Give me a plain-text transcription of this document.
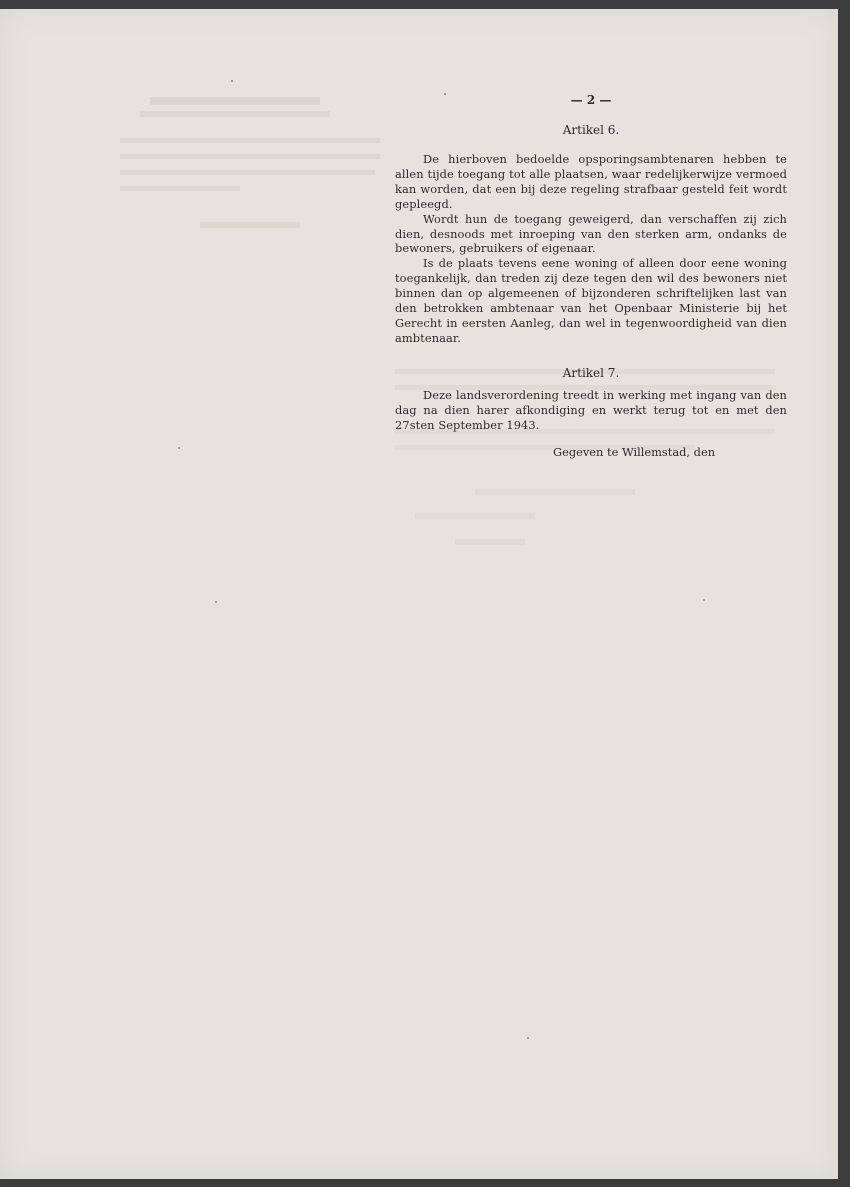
— 2 —
Artikel 6.

De hierboven bedoelde opsporingsambtenaren hebben te allen tijde toegang tot alle plaatsen, waar redelijkerwijze vermoed kan worden, dat een bij deze regeling strafbaar gesteld feit wordt gepleegd.

Wordt hun de toegang geweigerd, dan verschaffen zij zich dien, desnoods met inroeping van den sterken arm, ondanks de bewoners, gebruikers of eigenaar.

Is de plaats tevens eene woning of alleen door eene woning toegankelijk, dan treden zij deze tegen den wil des bewoners niet binnen dan op algemeenen of bijzonderen schriftelijken last van den betrokken ambtenaar van het Openbaar Ministerie bij het Gerecht in eersten Aanleg, dan wel in tegenwoordigheid van dien ambtenaar.

Artikel 7.

Deze landsverordening treedt in werking met ingang van den dag na dien harer afkondiging en werkt terug tot en met den 27sten September 1943.

Gegeven te Willemstad, den
